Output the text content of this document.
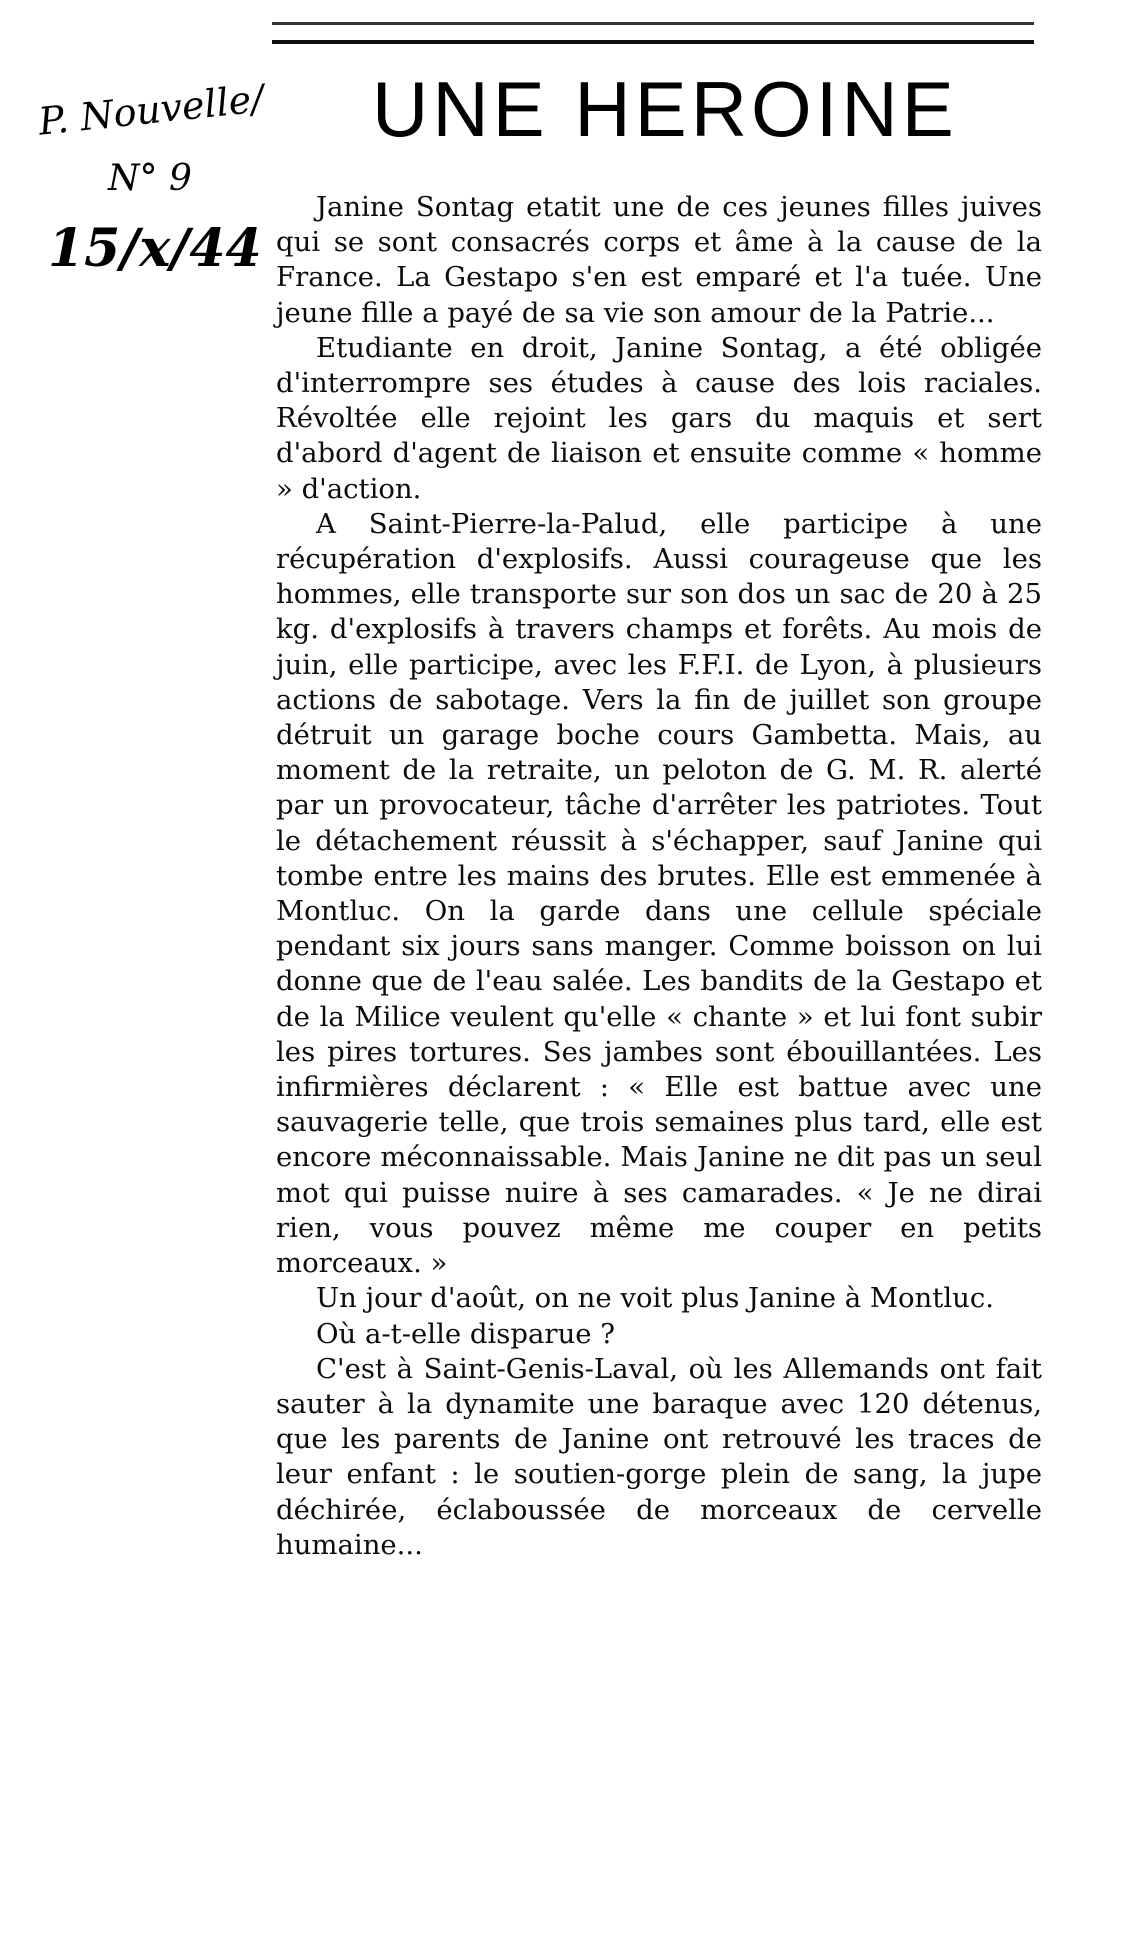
P. Nouvelle/
N° 9
15/x/44
UNE HEROINE

Janine Sontag etatit une de ces jeunes filles juives qui se sont consacrés corps et âme à la cause de la France. La Gestapo s'en est emparé et l'a tuée. Une jeune fille a payé de sa vie son amour de la Patrie...

Etudiante en droit, Janine Sontag, a été obligée d'interrompre ses études à cause des lois raciales. Révoltée elle rejoint les gars du maquis et sert d'abord d'agent de liaison et ensuite comme « homme » d'action.

A Saint-Pierre-la-Palud, elle participe à une récupération d'explosifs. Aussi courageuse que les hommes, elle transporte sur son dos un sac de 20 à 25 kg. d'explosifs à travers champs et forêts. Au mois de juin, elle participe, avec les F.F.I. de Lyon, à plusieurs actions de sabotage. Vers la fin de juillet son groupe détruit un garage boche cours Gambetta. Mais, au moment de la retraite, un peloton de G. M. R. alerté par un provocateur, tâche d'arrêter les patriotes. Tout le détachement réussit à s'échapper, sauf Janine qui tombe entre les mains des brutes. Elle est emmenée à Montluc. On la garde dans une cellule spéciale pendant six jours sans manger. Comme boisson on lui donne que de l'eau salée. Les bandits de la Gestapo et de la Milice veulent qu'elle « chante » et lui font subir les pires tortures. Ses jambes sont ébouillantées. Les infirmières déclarent : « Elle est battue avec une sauvagerie telle, que trois semaines plus tard, elle est encore méconnaissable. Mais Janine ne dit pas un seul mot qui puisse nuire à ses camarades. « Je ne dirai rien, vous pouvez même me couper en petits morceaux. »

Un jour d'août, on ne voit plus Janine à Montluc.

Où a-t-elle disparue ?

C'est à Saint-Genis-Laval, où les Allemands ont fait sauter à la dynamite une baraque avec 120 détenus, que les parents de Janine ont retrouvé les traces de leur enfant : le soutien-gorge plein de sang, la jupe déchirée, éclaboussée de morceaux de cervelle humaine...
